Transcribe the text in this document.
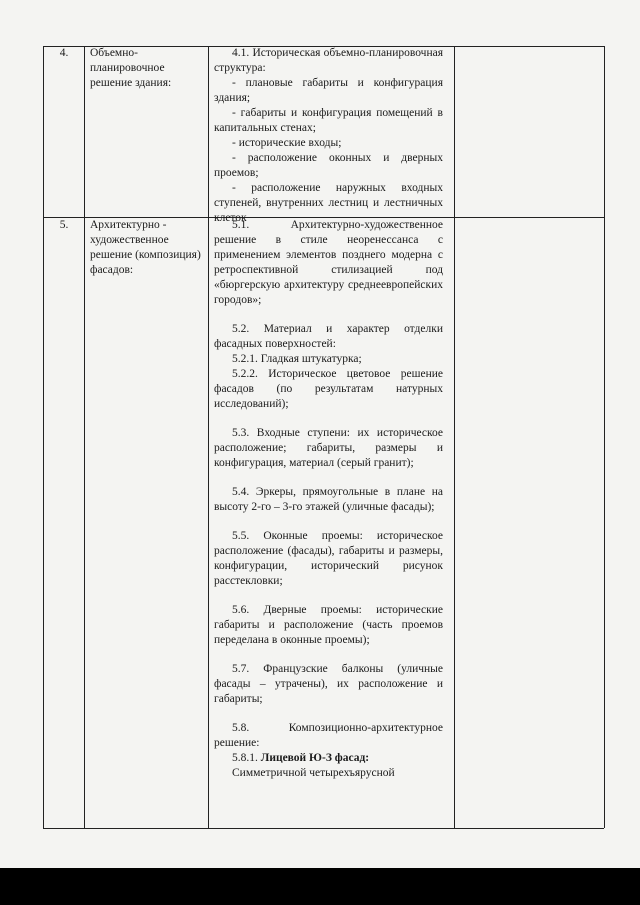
4.	Объемно-планировочное решение здания:

4.1. Историческая объемно-планировочная структура:

- плановые габариты и конфигурация здания;

- габариты и конфигурация помещений в капитальных стенах;

- исторические входы;

- расположение оконных и дверных проемов;

- расположение наружных входных ступеней, внутренних лестниц и лестничных клеток

5.	Архитектурно - художественное решение (композиция) фасадов:

5.1. Архитектурно-художественное решение в стиле неоренессанса с применением элементов позднего модерна с ретроспективной стилизацией под «бюргерскую архитектуру среднеевропейских городов»;

5.2. Материал и характер отделки фасадных поверхностей:

5.2.1. Гладкая штукатурка;

5.2.2. Историческое цветовое решение фасадов (по результатам натурных исследований);

5.3. Входные ступени: их историческое расположение; габариты, размеры и конфигурация, материал (серый гранит);

5.4. Эркеры, прямоугольные в плане на высоту 2-го – 3-го этажей (уличные фасады);

5.5. Оконные проемы: историческое расположение (фасады), габариты и размеры, конфигурации, исторический рисунок расстекловки;

5.6. Дверные проемы: исторические габариты и расположение (часть проемов переделана в оконные проемы);

5.7. Французские балконы (уличные фасады – утрачены), их расположение и габариты;

5.8. Композиционно-архитектурное решение:

5.8.1. Лицевой Ю-З фасад:

Симметричной четырехъярусной
